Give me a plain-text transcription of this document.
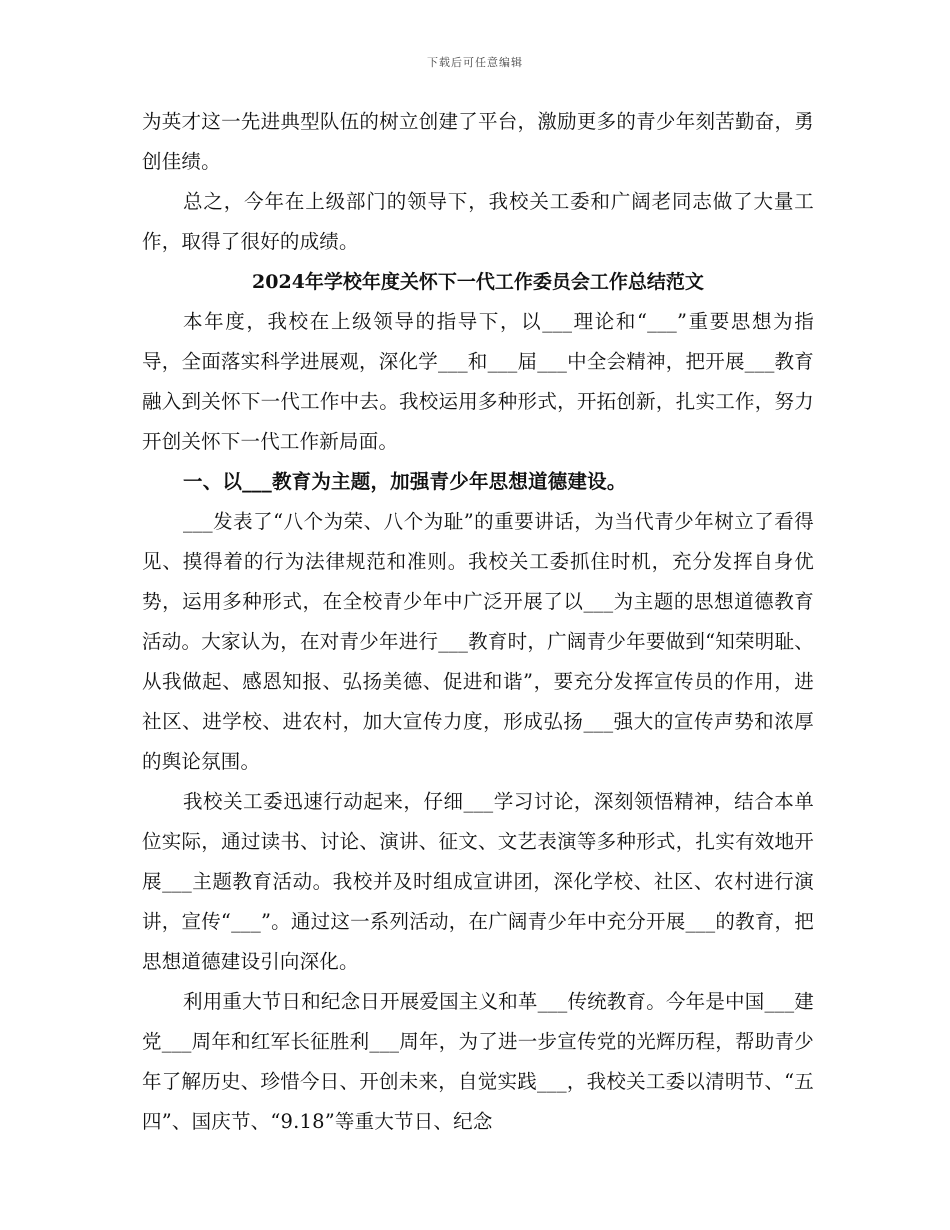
下载后可任意编辑

为英才这一先进典型队伍的树立创建了平台，激励更多的青少年刻苦勤奋，勇创佳绩。

总之，今年在上级部门的领导下，我校关工委和广阔老同志做了大量工作，取得了很好的成绩。

2024年学校年度关怀下一代工作委员会工作总结范文

本年度，我校在上级领导的指导下，以___理论和“___”重要思想为指导，全面落实科学进展观，深化学___和___届___中全会精神，把开展___教育融入到关怀下一代工作中去。我校运用多种形式，开拓创新，扎实工作，努力开创关怀下一代工作新局面。

一、以___教育为主题，加强青少年思想道德建设。

___发表了“八个为荣、八个为耻”的重要讲话，为当代青少年树立了看得见、摸得着的行为法律规范和准则。我校关工委抓住时机，充分发挥自身优势，运用多种形式，在全校青少年中广泛开展了以___为主题的思想道德教育活动。大家认为，在对青少年进行___教育时，广阔青少年要做到“知荣明耻、从我做起、感恩知报、弘扬美德、促进和谐”，要充分发挥宣传员的作用，进社区、进学校、进农村，加大宣传力度，形成弘扬___强大的宣传声势和浓厚的舆论氛围。

我校关工委迅速行动起来，仔细___学习讨论，深刻领悟精神，结合本单位实际，通过读书、讨论、演讲、征文、文艺表演等多种形式，扎实有效地开展___主题教育活动。我校并及时组成宣讲团，深化学校、社区、农村进行演讲，宣传“___”。通过这一系列活动，在广阔青少年中充分开展___的教育，把思想道德建设引向深化。

利用重大节日和纪念日开展爱国主义和革___传统教育。今年是中国___建党___周年和红军长征胜利___周年，为了进一步宣传党的光辉历程，帮助青少年了解历史、珍惜今日、开创未来，自觉实践___，我校关工委以清明节、“五四”、国庆节、“9.18”等重大节日、纪念
